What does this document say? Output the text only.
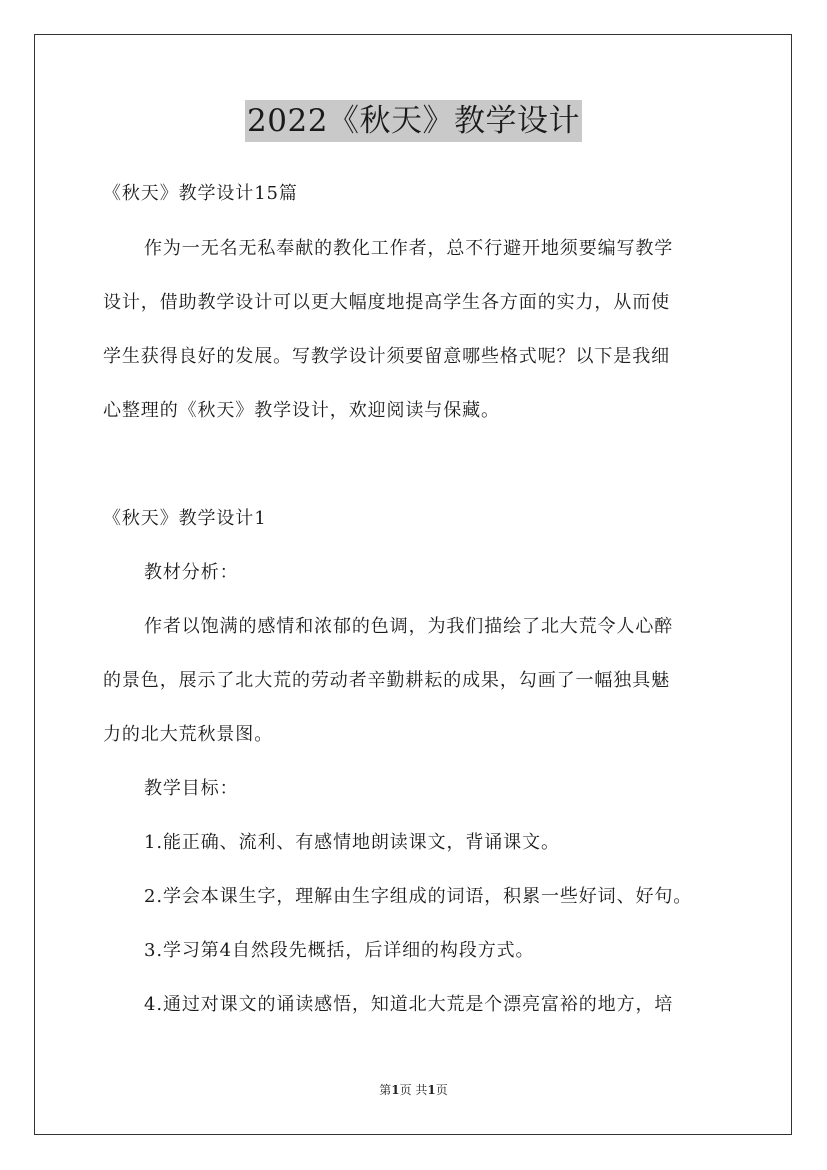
2022《秋天》教学设计

《秋天》教学设计15篇

作为一无名无私奉献的教化工作者，总不行避开地须要编写教学

设计，借助教学设计可以更大幅度地提高学生各方面的实力，从而使

学生获得良好的发展。写教学设计须要留意哪些格式呢？以下是我细

心整理的《秋天》教学设计，欢迎阅读与保藏。

《秋天》教学设计1

教材分析：

作者以饱满的感情和浓郁的色调，为我们描绘了北大荒令人心醉

的景色，展示了北大荒的劳动者辛勤耕耘的成果，勾画了一幅独具魅

力的北大荒秋景图。

教学目标：

1.能正确、流利、有感情地朗读课文，背诵课文。

2.学会本课生字，理解由生字组成的词语，积累一些好词、好句。

3.学习第4自然段先概括，后详细的构段方式。

4.通过对课文的诵读感悟，知道北大荒是个漂亮富裕的地方，培

第1页 共1页
